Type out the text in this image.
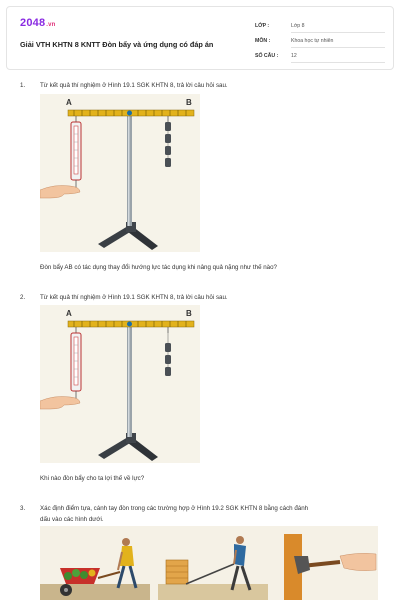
2048.vn
Giải VTH KHTN 8 KNTT Đòn bẩy và ứng dụng có đáp án
LỚP :	Lớp 8
MÔN :	Khoa học tự nhiên
SỐ CÂU : 12
1. Từ kết quả thí nghiệm ở Hình 19.1 SGK KHTN 8, trả lời câu hỏi sau.
A	B
Đòn bẩy AB có tác dụng thay đổi hướng lực tác dụng khi nâng quả nặng như thế nào?
2. Từ kết quả thí nghiệm ở Hình 19.1 SGK KHTN 8, trả lời câu hỏi sau.
A	B
Khi nào đòn bẩy cho ta lợi thế về lực?
3. Xác định điểm tựa, cánh tay đòn trong các trường hợp ở Hình 19.2 SGK KHTN 8 bằng cách đánh
dấu vào các hình dưới.
